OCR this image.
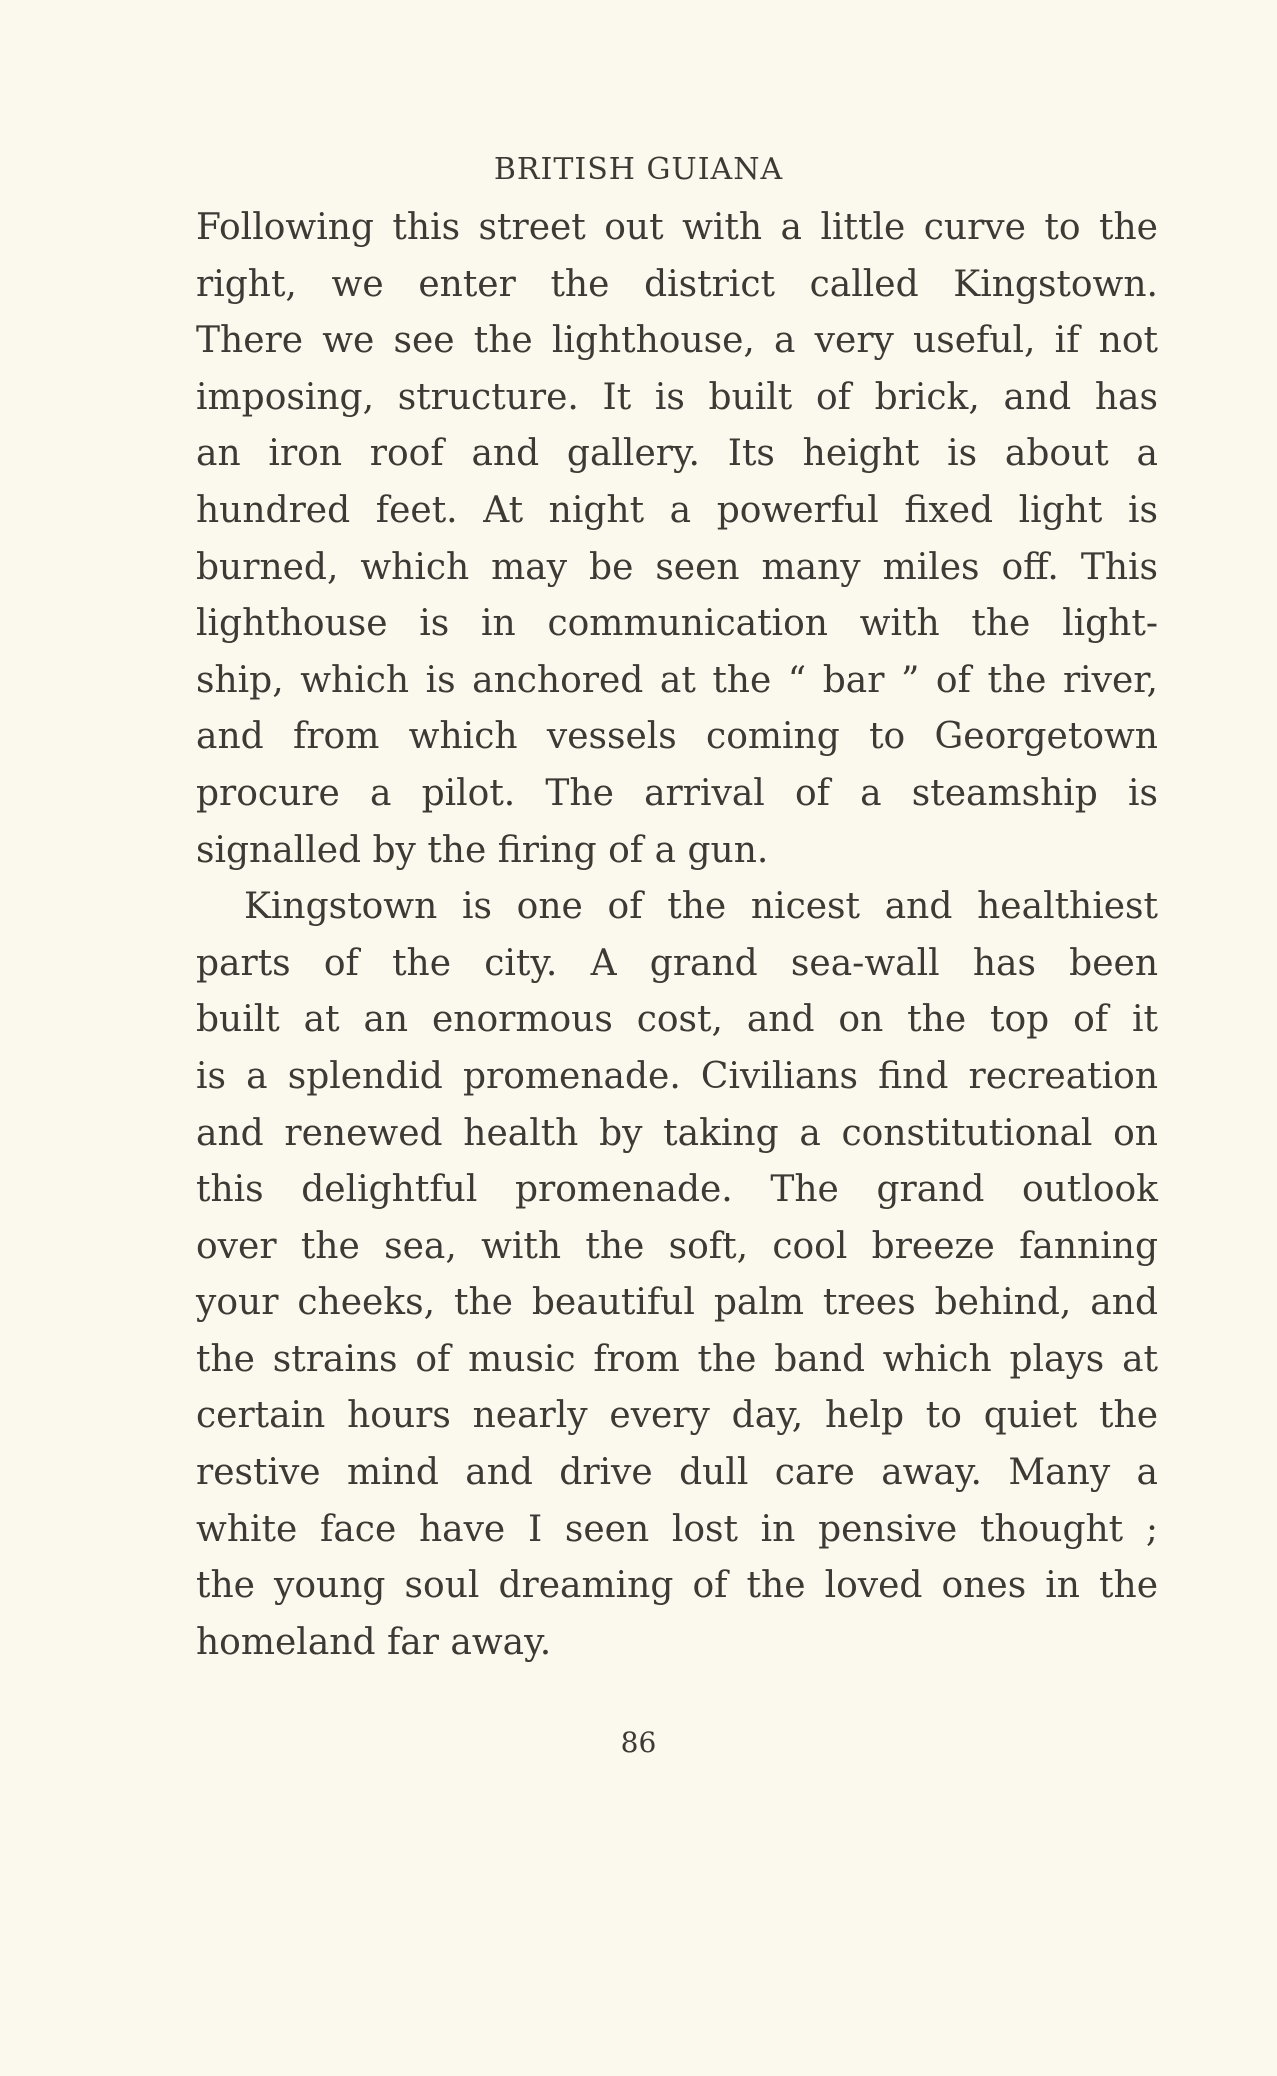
BRITISH GUIANA
Following this street out with a little curve to the
right, we enter the district called Kingstown.
There we see the lighthouse, a very useful, if not
imposing, structure. It is built of brick, and has
an iron roof and gallery. Its height is about a
hundred feet. At night a powerful fixed light is
burned, which may be seen many miles off. This
lighthouse is in communication with the light-
ship, which is anchored at the “ bar ” of the river,
and from which vessels coming to Georgetown
procure a pilot. The arrival of a steamship is
signalled by the firing of a gun.
Kingstown is one of the nicest and healthiest
parts of the city. A grand sea-wall has been
built at an enormous cost, and on the top of it
is a splendid promenade. Civilians find recreation
and renewed health by taking a constitutional on
this delightful promenade. The grand outlook
over the sea, with the soft, cool breeze fanning
your cheeks, the beautiful palm trees behind, and
the strains of music from the band which plays at
certain hours nearly every day, help to quiet the
restive mind and drive dull care away. Many a
white face have I seen lost in pensive thought ;
the young soul dreaming of the loved ones in the
homeland far away.
86
